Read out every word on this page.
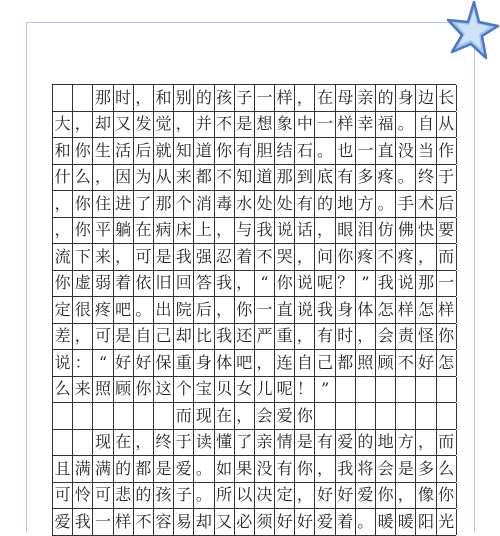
那 时 ， 和 别 的 孩 子 一 样 ， 在 母 亲 的 身 边 长
大 ， 却 又 发 觉 ， 并 不 是 想 象 中 一 样 幸 福 。 自 从
和 你 生 活 后 就 知 道 你 有 胆 结 石 。 也 一 直 没 当 作
什 么 ， 因 为 从 来 都 不 知 道 那 到 底 有 多 疼 。 终 于
， 你 住 进 了 那 个 消 毒 水 处 处 有 的 地 方 。 手 术 后
， 你 平 躺 在 病 床 上 ， 与 我 说 话 ， 眼 泪 仿 佛 快 要
流 下 来 ， 可 是 我 强 忍 着 不 哭 ， 问 你 疼 不 疼 ， 而
你 虚 弱 着 依 旧 回 答 我 ， “ 你 说 呢 ？ ” 我 说 那 一
定 很 疼 吧 。 出 院 后 ， 你 一 直 说 我 身 体 怎 样 怎 样
差 ， 可 是 自 己 却 比 我 还 严 重 ， 有 时 ， 会 责 怪 你
说 ： “ 好 好 保 重 身 体 吧 ， 连 自 己 都 照 顾 不 好 怎
么 来 照 顾 你 这 个 宝 贝 女 儿 呢 ！ ”
而 现 在 ， 会 爱 你
现 在 ， 终 于 读 懂 了 亲 情 是 有 爱 的 地 方 ， 而
且 满 满 的 都 是 爱 。 如 果 没 有 你 ， 我 将 会 是 多 么
可 怜 可 悲 的 孩 子 。 所 以 决 定 ， 好 好 爱 你 ， 像 你
爱 我 一 样 不 容 易 却 又 必 须 好 好 爱 着 。 暖 暖 阳 光
